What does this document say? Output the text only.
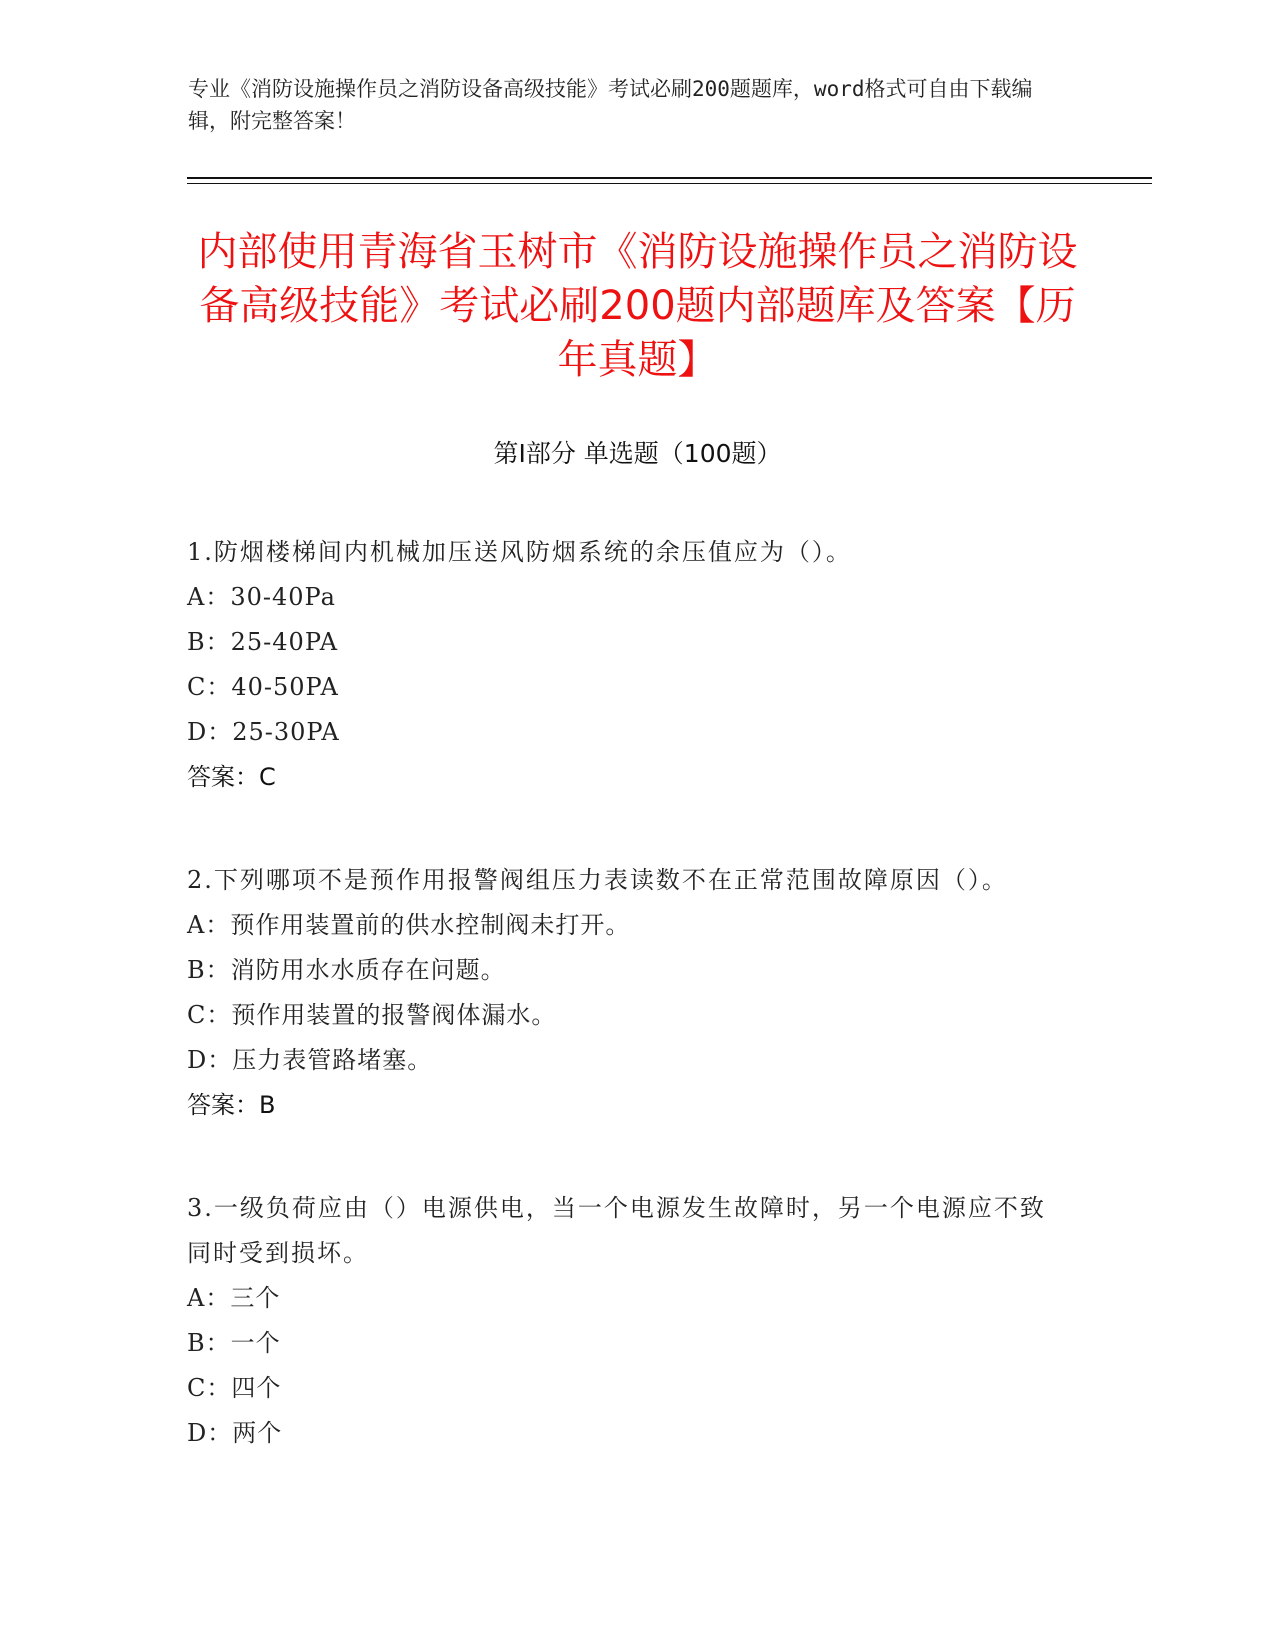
专业《消防设施操作员之消防设备高级技能》考试必刷200题题库，word格式可自由下载编辑，附完整答案！
内部使用青海省玉树市《消防设施操作员之消防设备高级技能》考试必刷200题内部题库及答案【历年真题】
第Ⅰ部分 单选题（100题）
1.防烟楼梯间内机械加压送风防烟系统的余压值应为（）。
A：30-40Pa
B：25-40PA
C：40-50PA
D：25-30PA
答案：C
2.下列哪项不是预作用报警阀组压力表读数不在正常范围故障原因（）。
A：预作用装置前的供水控制阀未打开。
B：消防用水水质存在问题。
C：预作用装置的报警阀体漏水。
D：压力表管路堵塞。
答案：B
3.一级负荷应由（）电源供电，当一个电源发生故障时，另一个电源应不致同时受到损坏。
A：三个
B：一个
C：四个
D：两个
